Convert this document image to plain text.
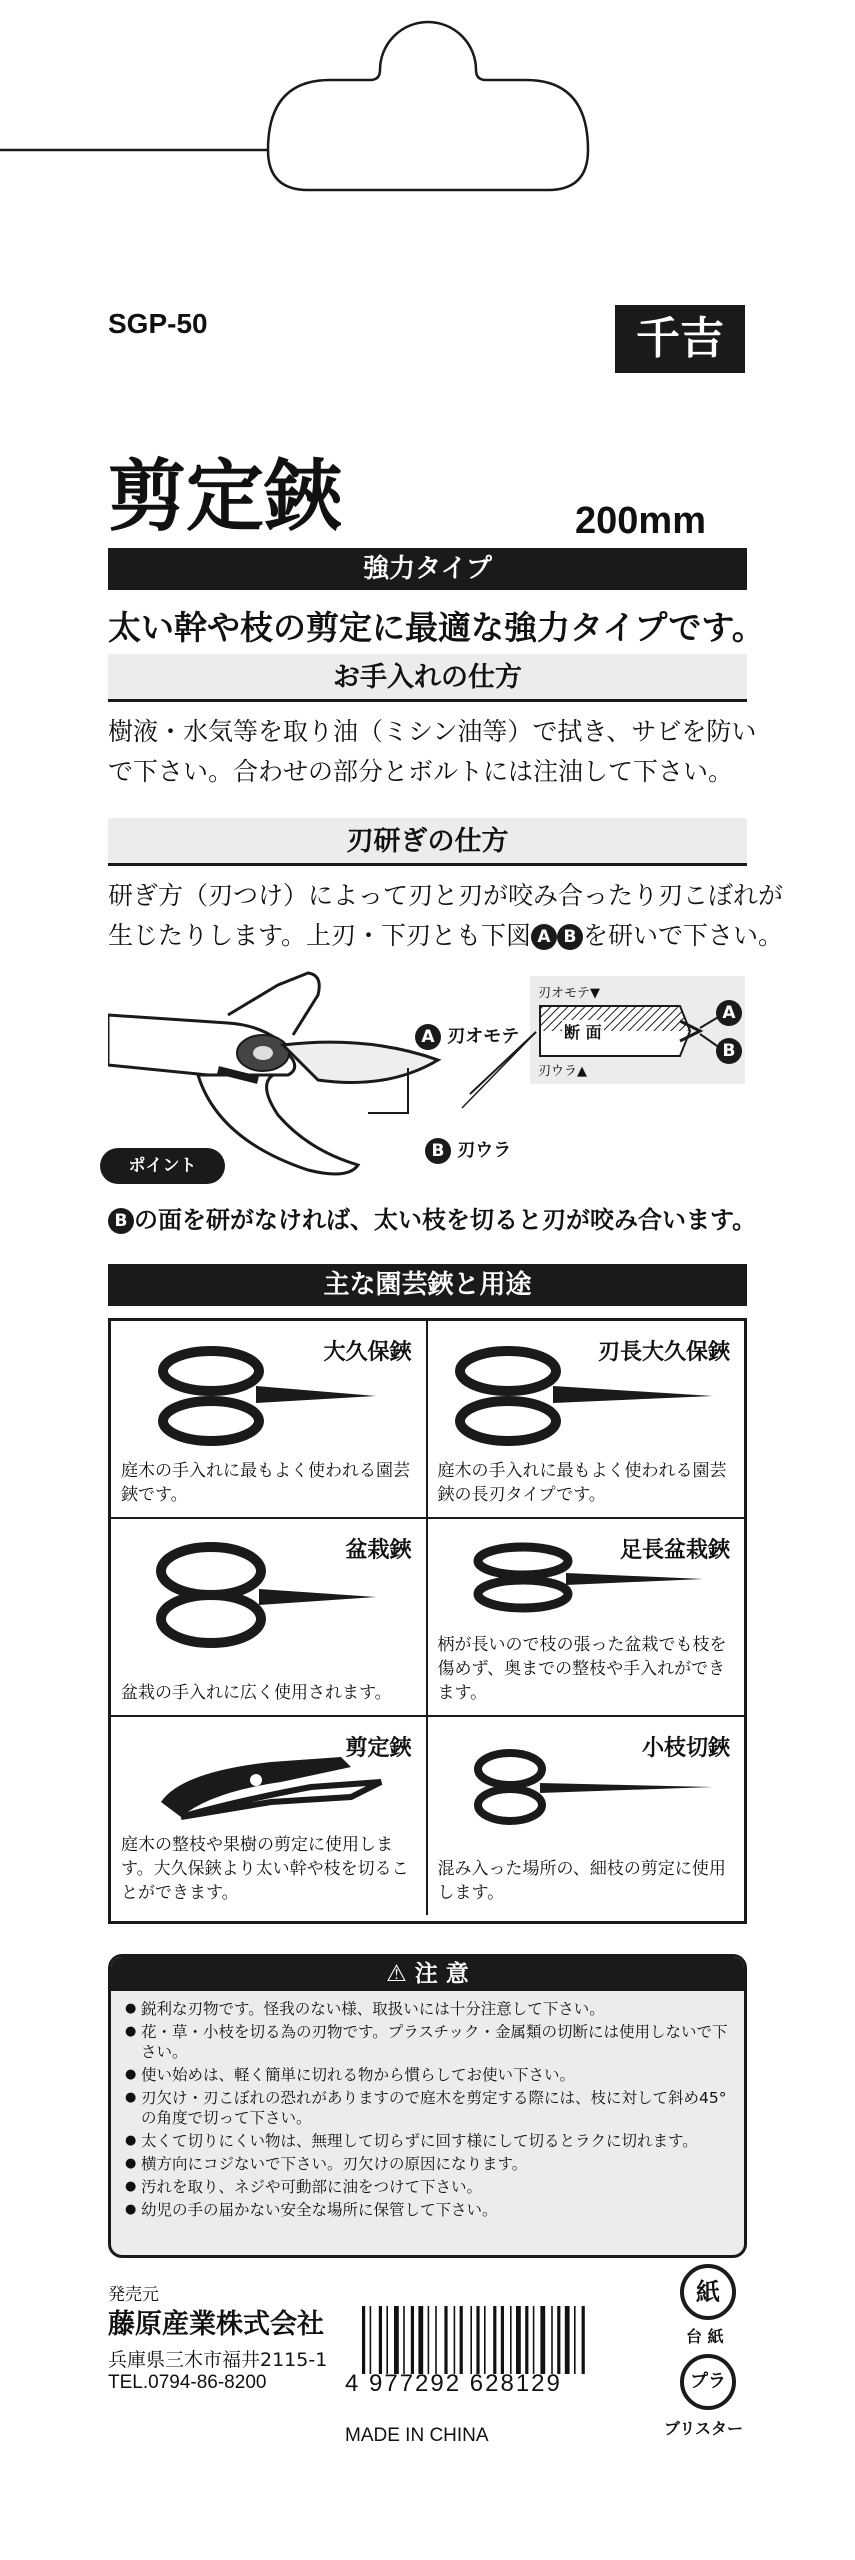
SGP-50	千吉
剪定鋏	200mm
強力タイプ
太い幹や枝の剪定に最適な強力タイプです。
お手入れの仕方
樹液・水気等を取り油（ミシン油等）で拭き、サビを防い
で下さい。合わせの部分とボルトには注油して下さい。
刃研ぎの仕方
研ぎ方（刃つけ）によって刃と刃が咬み合ったり刃こぼれが
生じたりします。上刃・下刃とも下図 A B を研いで下さい。
A 刃オモテ
B 刃ウラ
刃オモテ▼
断 面
刃ウラ▲
A
B
ポイント
B の面を研がなければ、太い枝を切ると刃が咬み合います。
主な園芸鋏と用途
大久保鋏
庭木の手入れに最もよく使われる園芸鋏です。
刃長大久保鋏
庭木の手入れに最もよく使われる園芸鋏の長刃タイプです。
盆栽鋏
盆栽の手入れに広く使用されます。
足長盆栽鋏
柄が長いので枝の張った盆栽でも枝を傷めず、奥までの整枝や手入れができます。
剪定鋏
庭木の整枝や果樹の剪定に使用します。大久保鋏より太い幹や枝を切ることができます。
小枝切鋏
混み入った場所の、細枝の剪定に使用します。
⚠ 注 意
● 鋭利な刃物です。怪我のない様、取扱いには十分注意して下さい。
● 花・草・小枝を切る為の刃物です。プラスチック・金属類の切断には使用しないで下さい。
● 使い始めは、軽く簡単に切れる物から慣らしてお使い下さい。
● 刃欠け・刃こぼれの恐れがありますので庭木を剪定する際には、枝に対して斜め45°の角度で切って下さい。
● 太くて切りにくい物は、無理して切らずに回す様にして切るとラクに切れます。
● 横方向にコジないで下さい。刃欠けの原因になります。
● 汚れを取り、ネジや可動部に油をつけて下さい。
● 幼児の手の届かない安全な場所に保管して下さい。
発売元
藤原産業株式会社
兵庫県三木市福井2115-1
TEL.0794-86-8200	4 977292 628129
MADE IN CHINA
紙
台 紙
プラ
ブリスター
